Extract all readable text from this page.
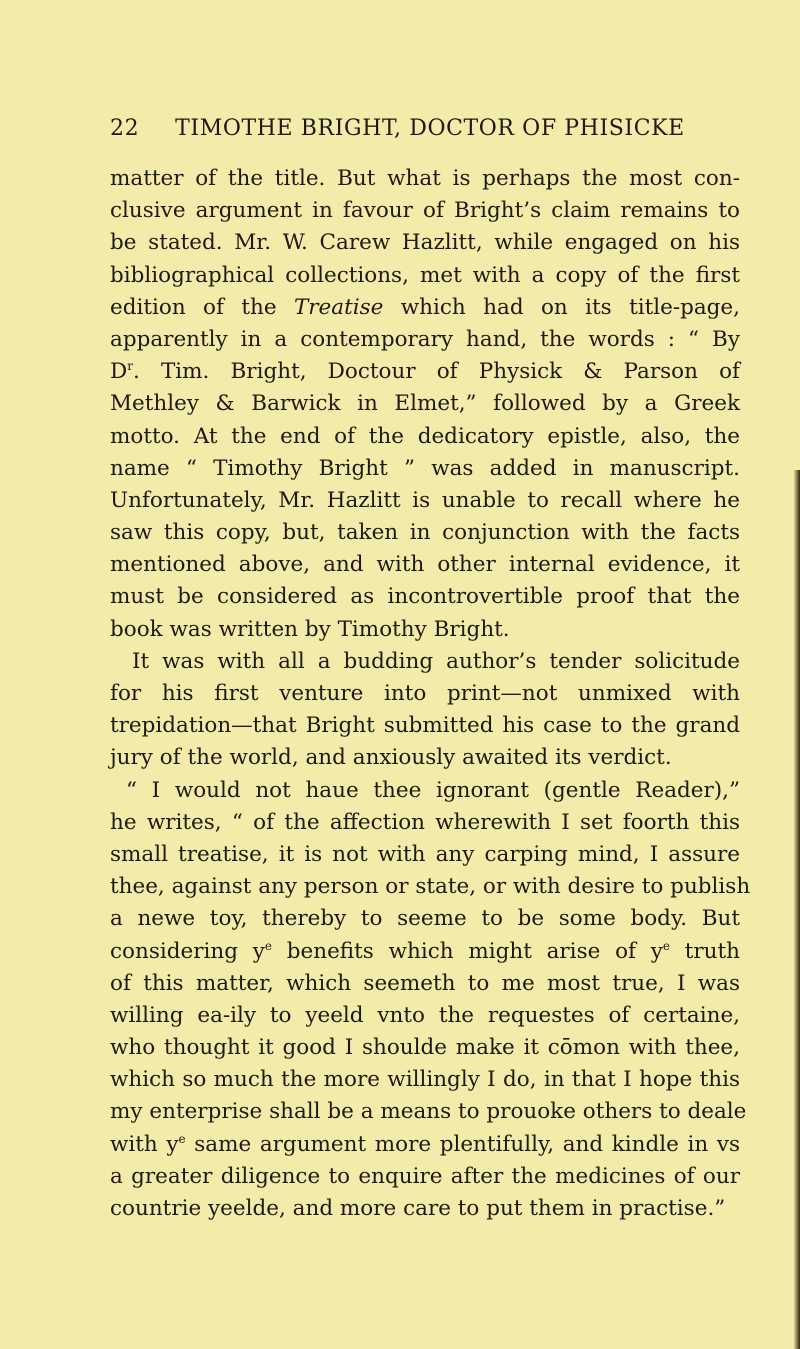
22	TIMOTHE BRIGHT, DOCTOR OF PHISICKE
matter of the title. But what is perhaps the most con-
clusive argument in favour of Bright’s claim remains to
be stated. Mr. W. Carew Hazlitt, while engaged on his
bibliographical collections, met with a copy of the first
edition of the Treatise which had on its title-page,
apparently in a contemporary hand, the words : “ By
$D^r$. Tim. Bright, Doctour of Physick & Parson of
Methley & Barwick in Elmet,” followed by a Greek
motto. At the end of the dedicatory epistle, also, the
name “ Timothy Bright ” was added in manuscript.
Unfortunately, Mr. Hazlitt is unable to recall where he
saw this copy, but, taken in conjunction with the facts
mentioned above, and with other internal evidence, it
must be considered as incontrovertible proof that the
book was written by Timothy Bright.
It was with all a budding author’s tender solicitude
for his first venture into print—not unmixed with
trepidation—that Bright submitted his case to the grand
jury of the world, and anxiously awaited its verdict.
“ I would not haue thee ignorant (gentle Reader),”
he writes, “ of the affection wherewith I set foorth this
small treatise, it is not with any carping mind, I assure
thee, against any person or state, or with desire to publish
a newe toy, thereby to seeme to be some body. But
considering $y^e$ benefits which might arise of $y^e$ truth
of this matter, which seemeth to me most true, I was
willing ea‑ily to yeeld vnto the requestes of certaine,
who thought it good I shoulde make it cōmon with thee,
which so much the more willingly I do, in that I hope this
my enterprise shall be a means to prouoke others to deale
with $y^e$ same argument more plentifully, and kindle in vs
a greater diligence to enquire after the medicines of our
countrie yeelde, and more care to put them in practise.”
